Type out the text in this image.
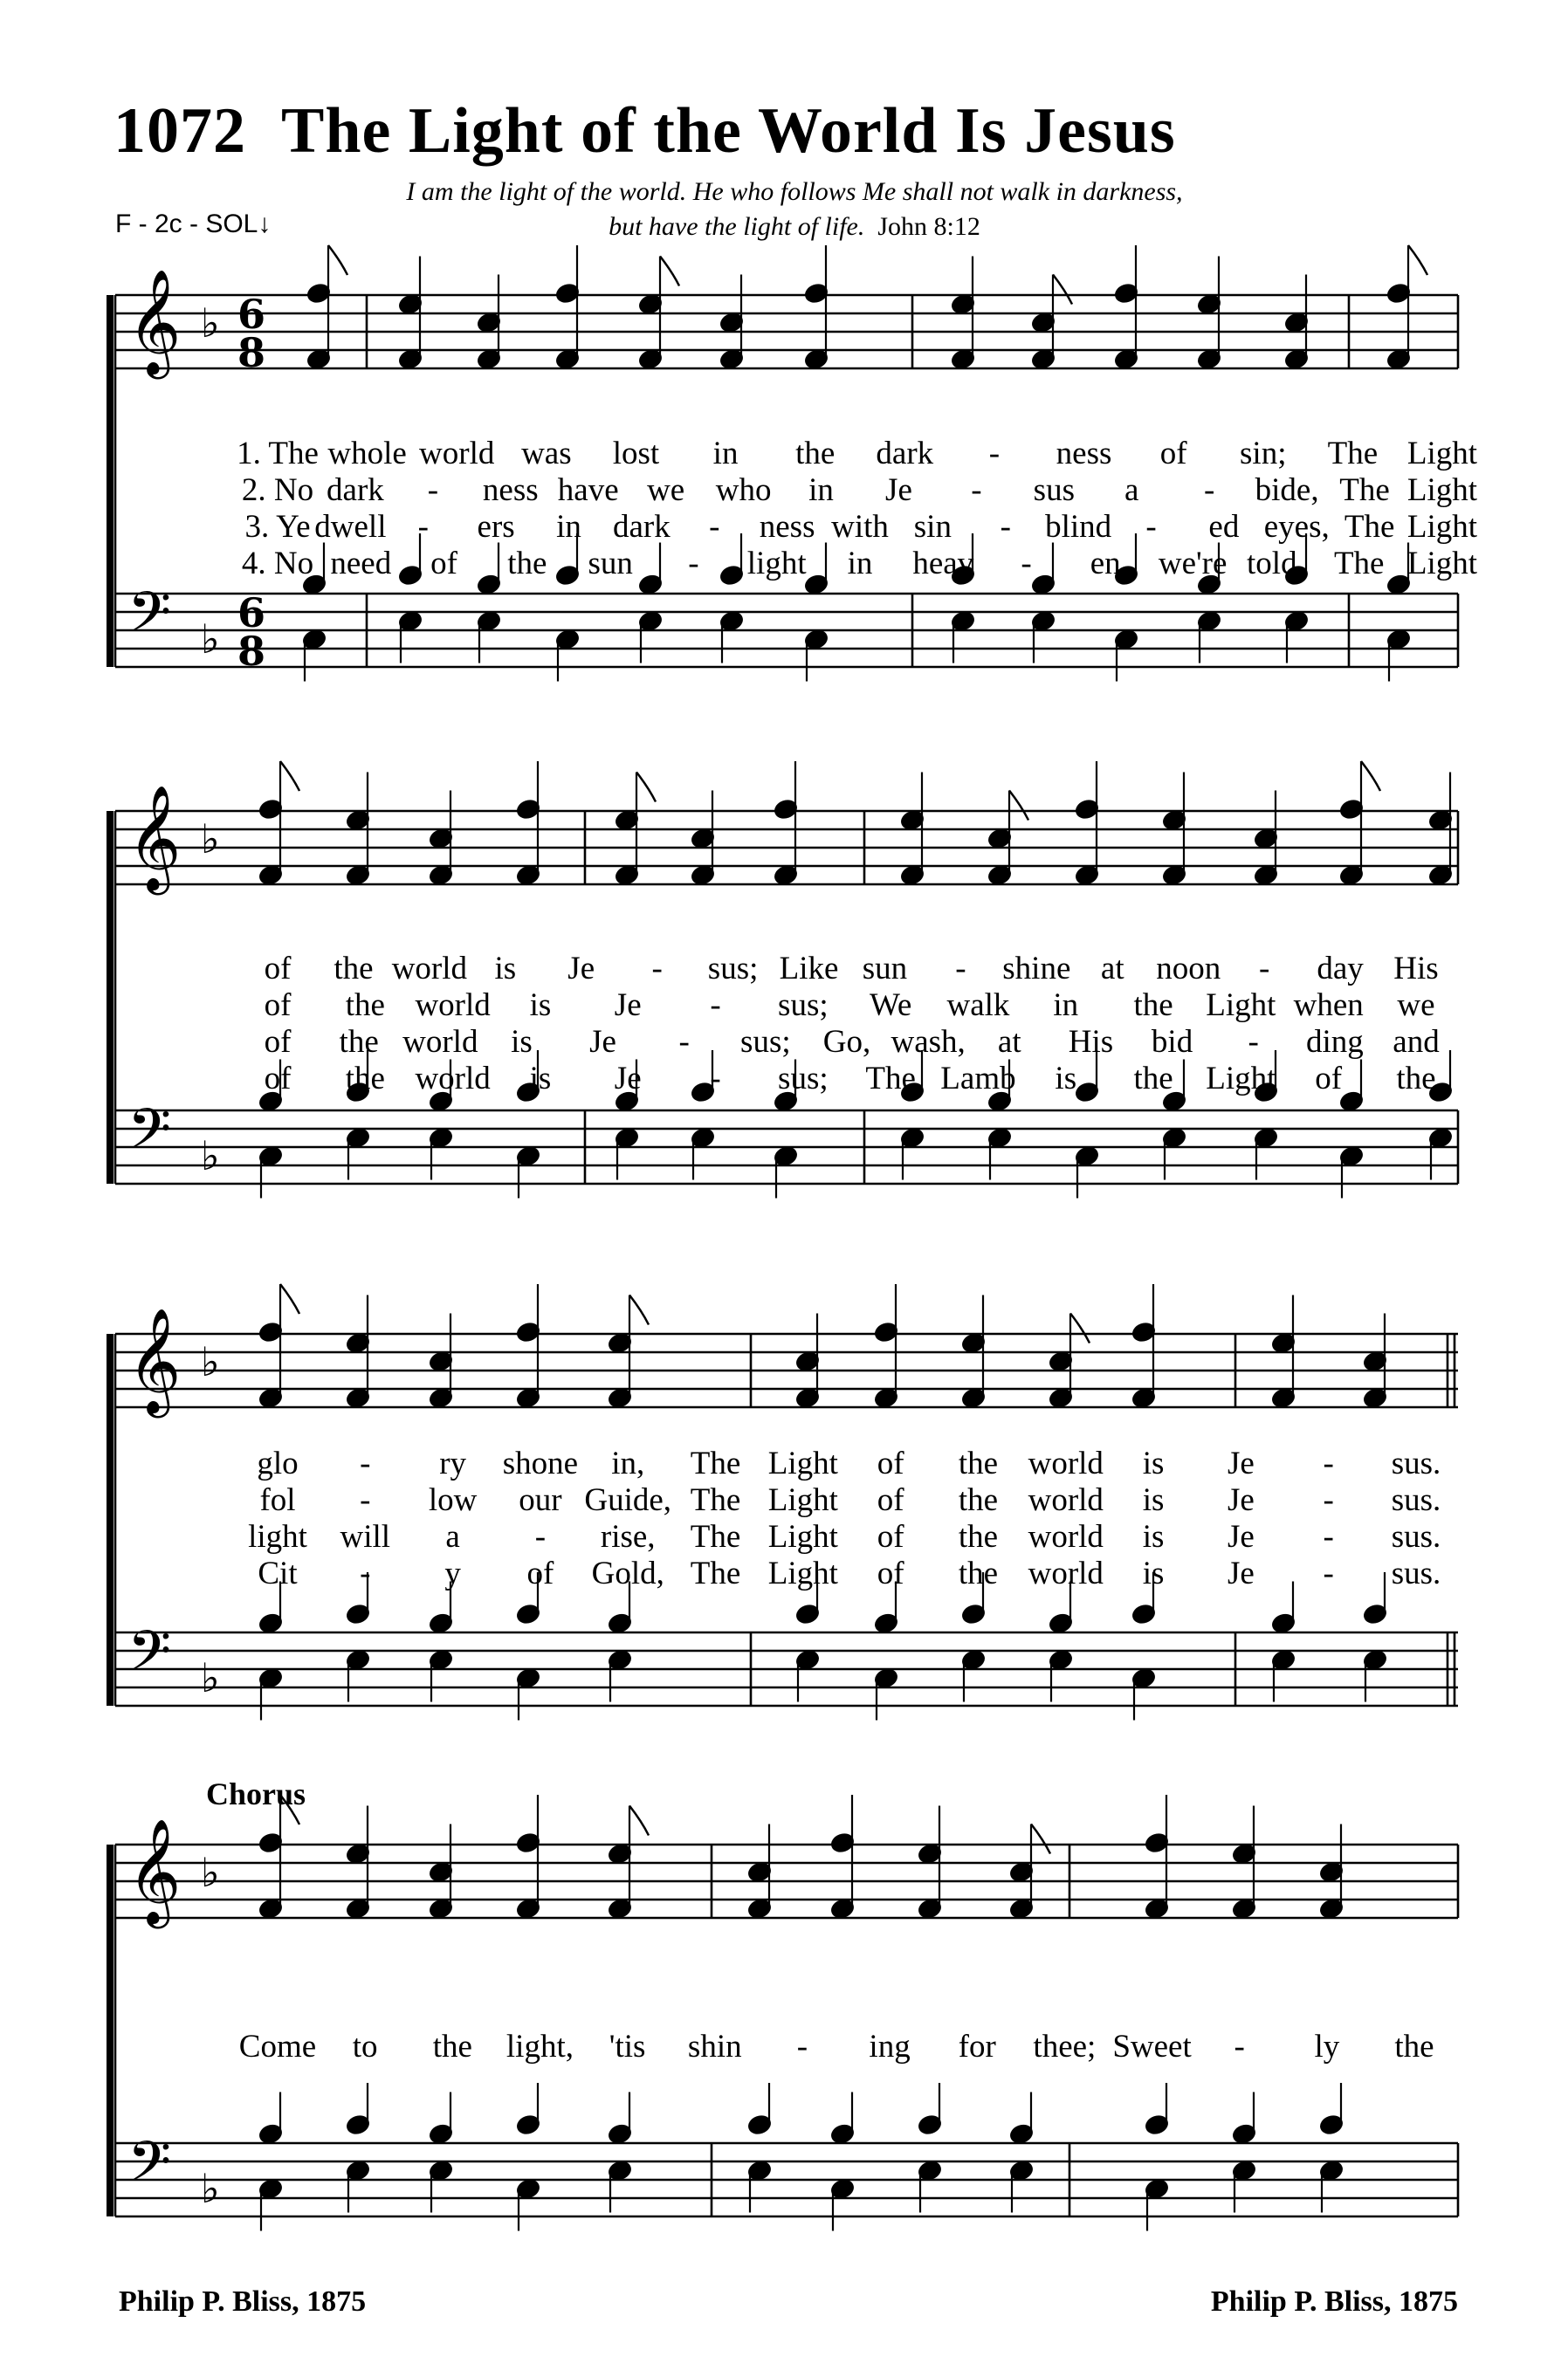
1072 The Light of the World Is Jesus
F - 2c - SOL↓
I am the light of the world. He who follows Me shall not walk in darkness,
but have the light of life. John 8:12
𝄞
𝄢
♭
♭
6
8
6
8
𝄞
𝄢
♭
♭
𝄞
𝄢
♭
♭
𝄞
𝄢
♭
♭
1. The whole world was lost in the dark - ness of sin; The Light
2. No dark - ness have we who in Je - sus a - bide, The Light
3. Ye dwell - ers in dark - ness with sin - blind - ed eyes, The Light
4. No need of the sun - light in heav - en, we're told, The Light
of the world is Je - sus; Like sun - shine at noon - day His
of the world is Je - sus; We walk in the Light when we
of the world is Je - sus; Go, wash, at His bid - ding and
of the world is Je - sus; The Lamb is the Light of the
glo - ry shone in, The Light of the world is Je - sus.
fol - low our Guide, The Light of the world is Je - sus.
light will a - rise, The Light of the world is Je - sus.
Cit - y of Gold, The Light of the world is Je - sus.
Come to the light, 'tis shin - ing for thee; Sweet - ly the
Chorus
Philip P. Bliss, 1875	Philip P. Bliss, 1875
